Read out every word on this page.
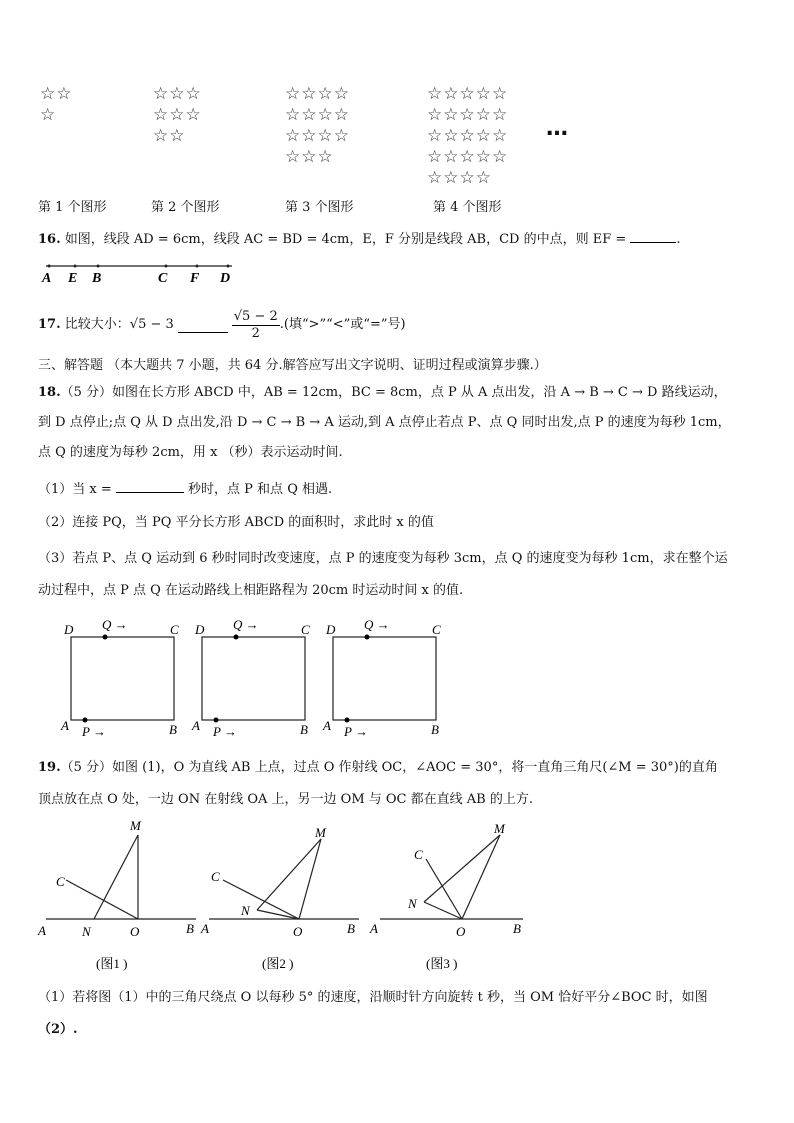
☆☆
☆
☆☆☆
☆☆☆
☆☆
☆☆☆☆
☆☆☆☆
☆☆☆☆
☆☆☆
☆☆☆☆☆
☆☆☆☆☆
☆☆☆☆☆
☆☆☆☆☆
☆☆☆☆
…
第 1 个图形	第 2 个图形	第 3 个图形	第 4 个图形
16. 如图，线段 AD = 6cm，线段 AC = BD = 4cm，E，F 分别是线段 AB，CD 的中点，则 EF =	.
A E B	C F D
17.
比较大小： √5 − 3	$\frac{√5 - 2}{2}$ .(填“>”“<”或“=”号)
三、解答题 （本大题共 7 小题，共 64 分.解答应写出文字说明、证明过程或演算步骤.）
18.（5 分）如图在长方形 ABCD 中，AB = 12cm，BC = 8cm，点 P 从 A 点出发，沿 A → B → C → D 路线运动，
到 D 点停止;点 Q 从 D 点出发,沿 D → C → B → A 运动,到 A 点停止若点 P、点 Q 同时出发,点 P 的速度为每秒 1cm，
点 Q 的速度为每秒 2cm，用 x （秒）表示运动时间.
（1）当 x =	秒时，点 P 和点 Q 相遇.
（2）连接 PQ，当 PQ 平分长方形 ABCD 的面积时，求此时 x 的值
（3）若点 P、点 Q 运动到 6 秒时同时改变速度，点 P 的速度变为每秒 3cm，点 Q 的速度变为每秒 1cm，求在整个运
动过程中，点 P 点 Q 在运动路线上相距路程为 20cm 时运动时间 x 的值.
D	C
A	B
Q →
P →
D	C
A	B
Q →
P →
D	C
A	B
Q →
P →
19.（5 分）如图 (1)，O 为直线 AB 上点，过点 O 作射线 OC，∠AOC = 30°，将一直角三角尺(∠M = 30°)的直角
顶点放在点 O 处，一边 ON 在射线 OA 上，另一边 OM 与 OC 都在直线 AB 的上方.
M
C
A	N	O	B
M
C
A
N
O	B
M
C
A
N
O	B
(图1 )	(图2 )	(图3 )
（1）若将图（1）中的三角尺绕点 O 以每秒 5° 的速度，沿顺时针方向旋转 t 秒，当 OM 恰好平分∠BOC 时，如图
（2）.
